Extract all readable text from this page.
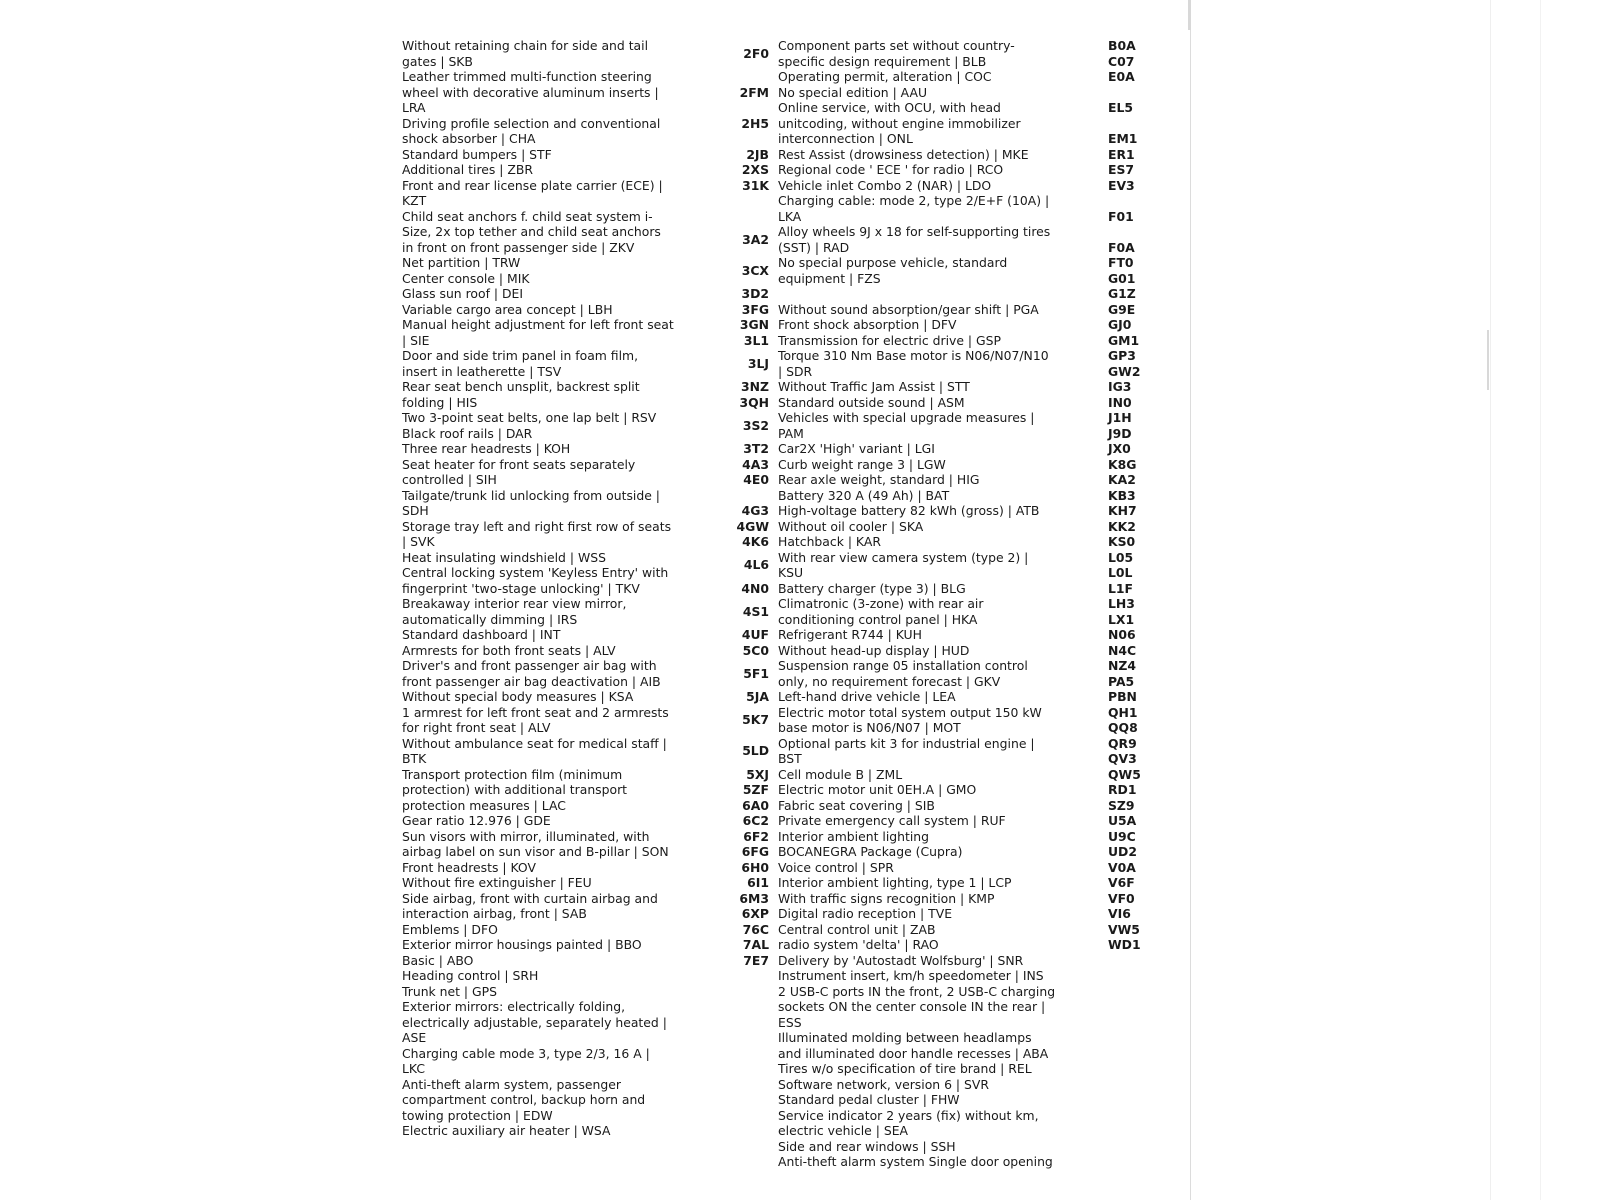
Without retaining chain for side and tail gates | SKB
Leather trimmed multi-function steering wheel with decorative aluminum inserts | LRA
Driving profile selection and conventional shock absorber | CHA
Standard bumpers | STF
Additional tires | ZBR
Front and rear license plate carrier (ECE) | KZT
Child seat anchors f. child seat system i-Size, 2x top tether and child seat anchors in front on front passenger side | ZKV
Net partition | TRW
Center console | MIK
Glass sun roof | DEI
Variable cargo area concept | LBH
Manual height adjustment for left front seat | SIE
Door and side trim panel in foam film, insert in leatherette | TSV
Rear seat bench unsplit, backrest split folding | HIS
Two 3-point seat belts, one lap belt | RSV
Black roof rails | DAR
Three rear headrests | KOH
Seat heater for front seats separately controlled | SIH
Tailgate/trunk lid unlocking from outside | SDH
Storage tray left and right first row of seats | SVK
Heat insulating windshield | WSS
Central locking system 'Keyless Entry' with fingerprint 'two-stage unlocking' | TKV
Breakaway interior rear view mirror, automatically dimming | IRS
Standard dashboard | INT
Armrests for both front seats | ALV
Driver's and front passenger air bag with front passenger air bag deactivation | AIB
Without special body measures | KSA
1 armrest for left front seat and 2 armrests for right front seat | ALV
Without ambulance seat for medical staff | BTK
Transport protection film (minimum protection) with additional transport protection measures | LAC
Gear ratio 12.976 | GDE
Sun visors with mirror, illuminated, with airbag label on sun visor and B-pillar | SON
Front headrests | KOV
Without fire extinguisher | FEU
Side airbag, front with curtain airbag and interaction airbag, front | SAB
Emblems | DFO
Exterior mirror housings painted | BBO
Basic | ABO
Heading control | SRH
Trunk net | GPS
Exterior mirrors: electrically folding, electrically adjustable, separately heated | ASE
Charging cable mode 3, type 2/3, 16 A | LKC
Anti-theft alarm system, passenger compartment control, backup horn and towing protection | EDW
Electric auxiliary air heater | WSA
2F0
Component parts set without country-specific design requirement | BLB
Operating permit, alteration | COC
2FM No special edition | AAU
2H5
Online service, with OCU, with head unitcoding, without engine immobilizer interconnection | ONL
2JB Rest Assist (drowsiness detection) | MKE
2XS Regional code ' ECE ' for radio | RCO
31K Vehicle inlet Combo 2 (NAR) | LDO
Charging cable: mode 2, type 2/E+F (10A) | LKA
3A2
Alloy wheels 9J x 18 for self-supporting tires (SST) | RAD
3CX
No special purpose vehicle, standard equipment | FZS
3D2
3FG Without sound absorption/gear shift | PGA
3GN Front shock absorption | DFV
3L1 Transmission for electric drive | GSP
3LJ
Torque 310 Nm Base motor is N06/N07/N10 | SDR
3NZ Without Traffic Jam Assist | STT
3QH Standard outside sound | ASM
3S2
Vehicles with special upgrade measures | PAM
3T2 Car2X 'High' variant | LGI
4A3 Curb weight range 3 | LGW
4E0 Rear axle weight, standard | HIG
Battery 320 A (49 Ah) | BAT
4G3 High-voltage battery 82 kWh (gross) | ATB
4GW Without oil cooler | SKA
4K6 Hatchback | KAR
4L6
With rear view camera system (type 2) | KSU
4N0 Battery charger (type 3) | BLG
4S1
Climatronic (3-zone) with rear air conditioning control panel | HKA
4UF Refrigerant R744 | KUH
5C0 Without head-up display | HUD
5F1
Suspension range 05 installation control only, no requirement forecast | GKV
5JA Left-hand drive vehicle | LEA
5K7
Electric motor total system output 150 kW base motor is N06/N07 | MOT
5LD
Optional parts kit 3 for industrial engine | BST
5XJ Cell module B | ZML
5ZF Electric motor unit 0EH.A | GMO
6A0 Fabric seat covering | SIB
6C2 Private emergency call system | RUF
6F2 Interior ambient lighting
6FG BOCANEGRA Package (Cupra)
6H0 Voice control | SPR
6I1 Interior ambient lighting, type 1 | LCP
6M3 With traffic signs recognition | KMP
6XP Digital radio reception | TVE
76C Central control unit | ZAB
7AL radio system 'delta' | RAO
7E7 Delivery by 'Autostadt Wolfsburg' | SNR
Instrument insert, km/h speedometer | INS
2 USB-C ports IN the front, 2 USB-C charging sockets ON the center console IN the rear | ESS
Illuminated molding between headlamps and illuminated door handle recesses | ABA
Tires w/o specification of tire brand | REL
Software network, version 6 | SVR
Standard pedal cluster | FHW
Service indicator 2 years (fix) without km, electric vehicle | SEA
Side and rear windows | SSH
Anti-theft alarm system Single door opening
B0A
C07
E0A
EL5
EM1
ER1
ES7
EV3
F01
F0A
FT0
G01
G1Z
G9E
GJ0
GM1
GP3
GW2
IG3
IN0
J1H
J9D
JX0
K8G
KA2
KB3
KH7
KK2
KS0
L05
L0L
L1F
LH3
LX1
N06
N4C
NZ4
PA5
PBN
QH1
QQ8
QR9
QV3
QW5
RD1
SZ9
U5A
U9C
UD2
V0A
V6F
VF0
VI6
VW5
WD1
